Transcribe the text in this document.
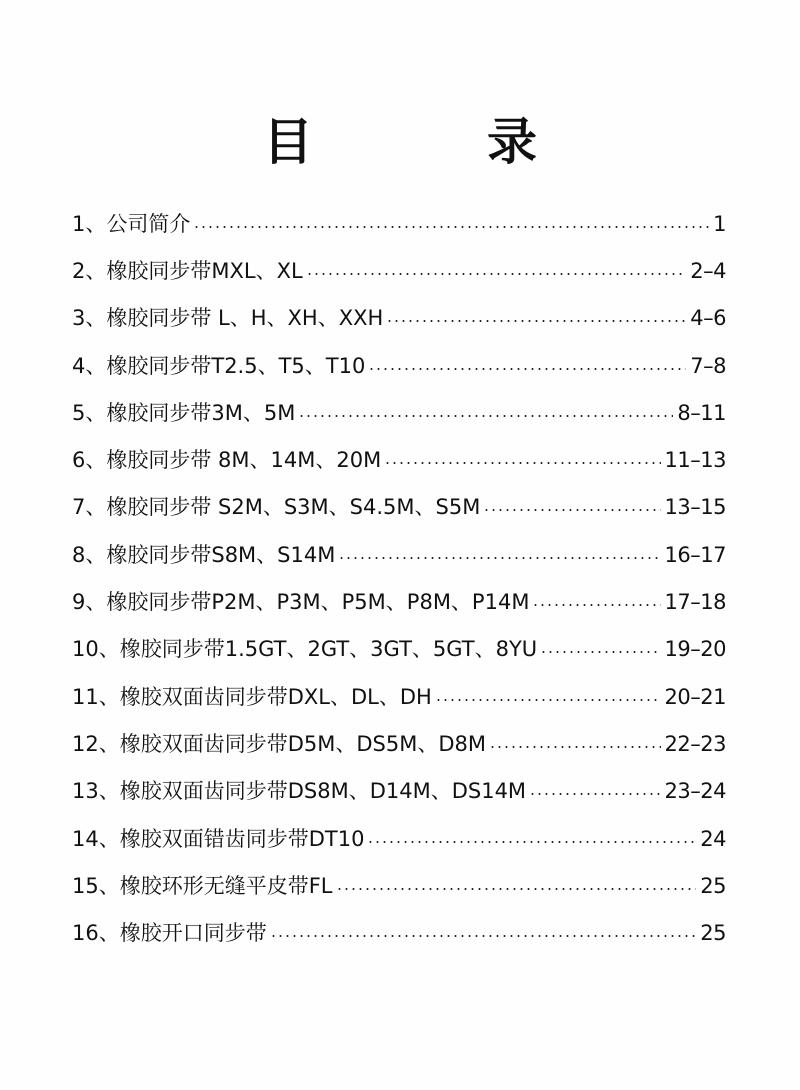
目　录
1、公司简介	1
2、橡胶同步带MXL、XL	2–4
3、橡胶同步带 L、H、XH、XXH	4–6
4、橡胶同步带T2.5、T5、T10	7–8
5、橡胶同步带3M、5M	8–11
6、橡胶同步带 8M、14M、20M	11–13
7、橡胶同步带 S2M、S3M、S4.5M、S5M	13–15
8、橡胶同步带S8M、S14M	16–17
9、橡胶同步带P2M、P3M、P5M、P8M、P14M	17–18
10、橡胶同步带1.5GT、2GT、3GT、5GT、8YU	19–20
11、橡胶双面齿同步带DXL、DL、DH	20–21
12、橡胶双面齿同步带D5M、DS5M、D8M	22–23
13、橡胶双面齿同步带DS8M、D14M、DS14M	23–24
14、橡胶双面错齿同步带DT10	24
15、橡胶环形无缝平皮带FL	25
16、橡胶开口同步带	25
